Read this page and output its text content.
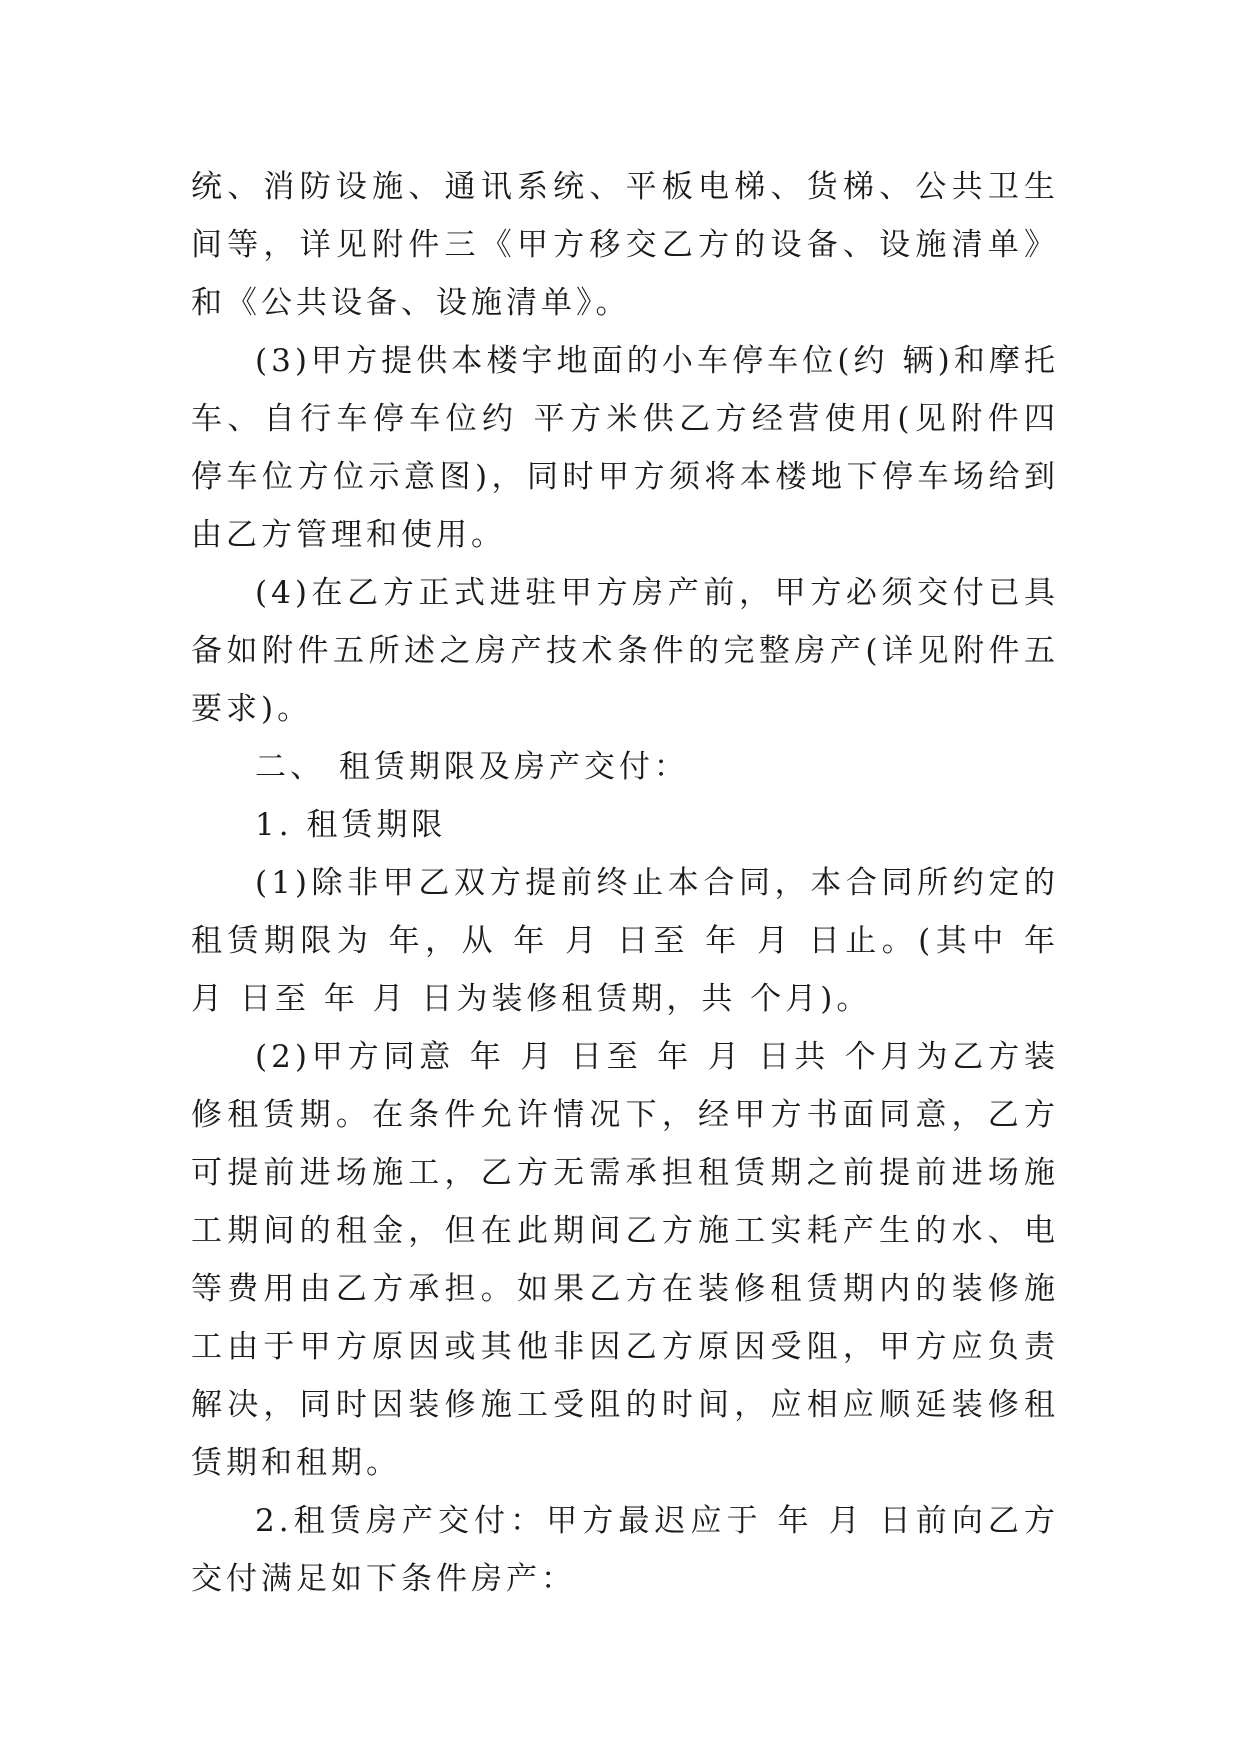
统、消防设施、通讯系统、平板电梯、货梯、公共卫生间等，详见附件三《甲方移交乙方的设备、设施清单》和《公共设备、设施清单》。

(3)甲方提供本楼宇地面的小车停车位(约 辆)和摩托车、自行车停车位约 平方米供乙方经营使用(见附件四停车位方位示意图)，同时甲方须将本楼地下停车场给到由乙方管理和使用。

(4)在乙方正式进驻甲方房产前，甲方必须交付已具备如附件五所述之房产技术条件的完整房产(详见附件五要求)。

二、 租赁期限及房产交付：

1. 租赁期限

(1)除非甲乙双方提前终止本合同，本合同所约定的租赁期限为 年，从 年 月 日至 年 月 日止。(其中 年 月 日至 年 月 日为装修租赁期，共 个月)。

(2)甲方同意 年 月 日至 年 月 日共 个月为乙方装修租赁期。在条件允许情况下，经甲方书面同意，乙方可提前进场施工，乙方无需承担租赁期之前提前进场施工期间的租金，但在此期间乙方施工实耗产生的水、电等费用由乙方承担。如果乙方在装修租赁期内的装修施工由于甲方原因或其他非因乙方原因受阻，甲方应负责解决，同时因装修施工受阻的时间，应相应顺延装修租赁期和租期。

2.租赁房产交付：甲方最迟应于 年 月 日前向乙方交付满足如下条件房产：
